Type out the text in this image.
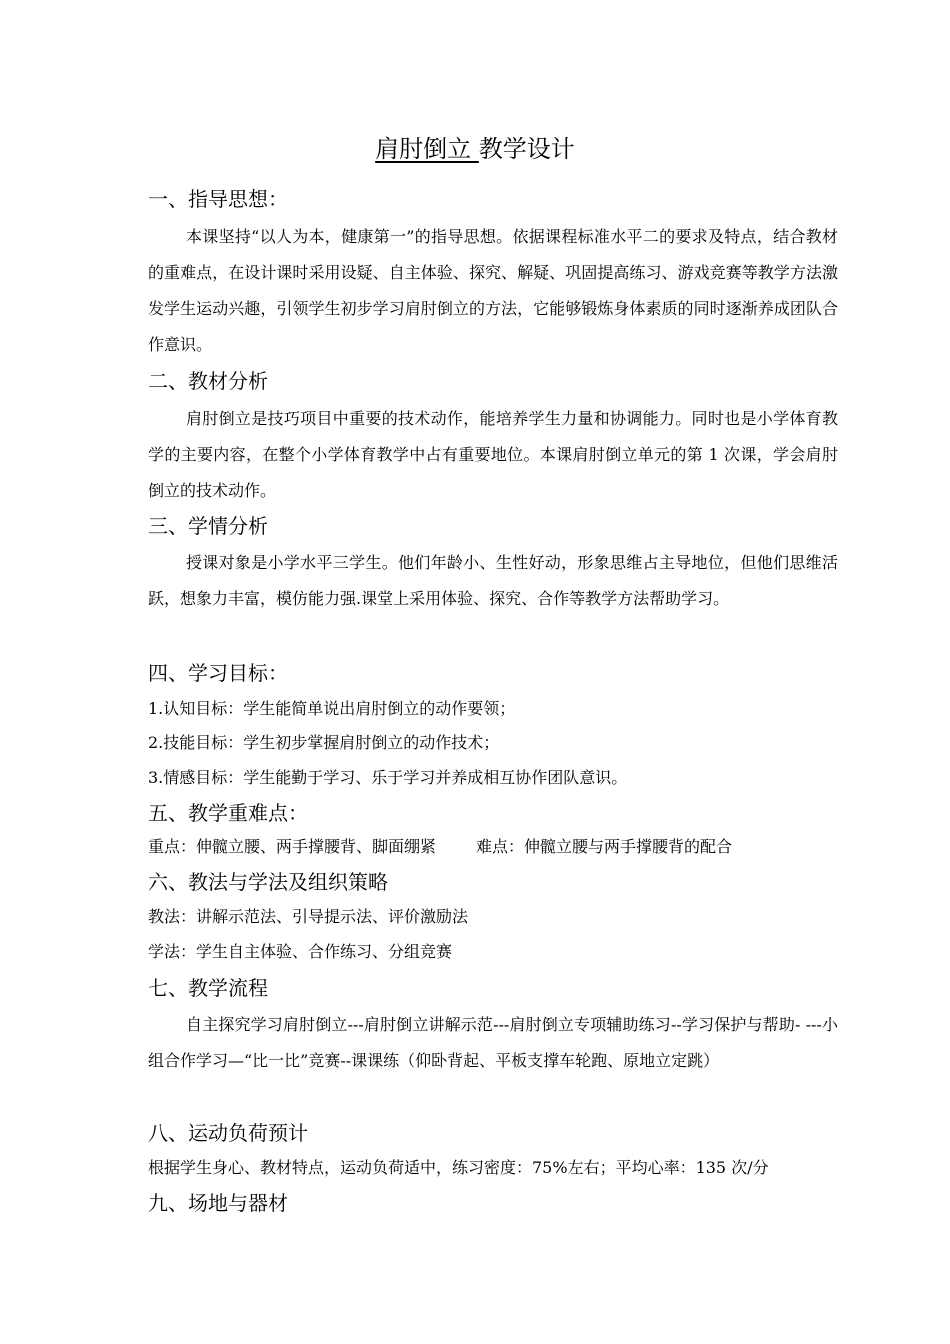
肩肘倒立 教学设计
一、指导思想：
本课坚持“以人为本，健康第一”的指导思想。依据课程标准水平二的要求及特点，结合教材的重难点，在设计课时采用设疑、自主体验、探究、解疑、巩固提高练习、游戏竞赛等教学方法激发学生运动兴趣，引领学生初步学习肩肘倒立的方法，它能够锻炼身体素质的同时逐渐养成团队合作意识。
二、教材分析
肩肘倒立是技巧项目中重要的技术动作，能培养学生力量和协调能力。同时也是小学体育教学的主要内容，在整个小学体育教学中占有重要地位。本课肩肘倒立单元的第 1 次课，学会肩肘倒立的技术动作。
三、学情分析
授课对象是小学水平三学生。他们年龄小、生性好动，形象思维占主导地位，但他们思维活跃，想象力丰富，模仿能力强.课堂上采用体验、探究、合作等教学方法帮助学习。
四、学习目标：
1.认知目标：学生能简单说出肩肘倒立的动作要领；
2.技能目标：学生初步掌握肩肘倒立的动作技术；
3.情感目标：学生能勤于学习、乐于学习并养成相互协作团队意识。
五、教学重难点：
重点：伸髋立腰、两手撑腰背、脚面绷紧	难点：伸髋立腰与两手撑腰背的配合
六、教法与学法及组织策略
教法：讲解示范法、引导提示法、评价激励法
学法：学生自主体验、合作练习、分组竞赛
七、教学流程
自主探究学习肩肘倒立---肩肘倒立讲解示范---肩肘倒立专项辅助练习--学习保护与帮助- ---小组合作学习—“比一比”竞赛--课课练（仰卧背起、平板支撑车轮跑、原地立定跳）
八、运动负荷预计
根据学生身心、教材特点，运动负荷适中，练习密度：75%左右；平均心率：135 次/分
九、场地与器材
